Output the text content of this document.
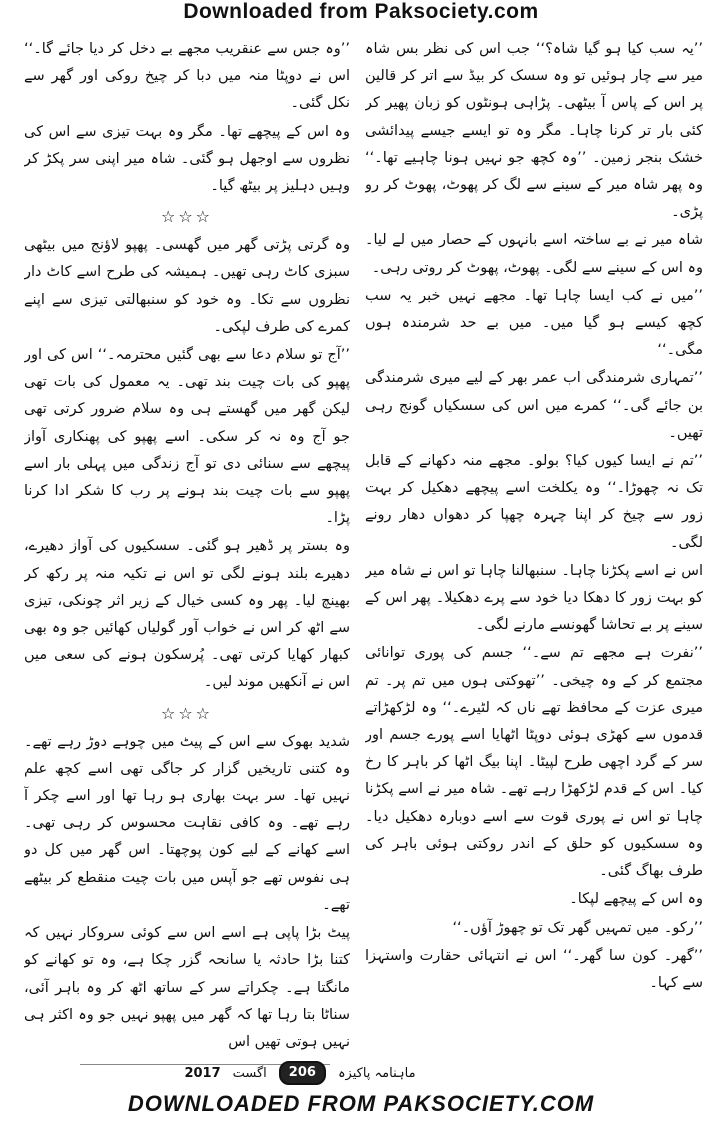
Downloaded from Paksociety.com

’’یہ سب کیا ہو گیا شاہ؟‘‘ جب اس کی نظر بس شاہ میر سے چار ہوئیں تو وہ سسک کر بیڈ سے اتر کر قالین پر اس کے پاس آ بیٹھی۔ پڑاہی ہونٹوں کو زبان پھیر کر کئی بار تر کرنا چاہا۔ مگر وہ تو ایسے جیسے پیدائشی خشک بنجر زمین۔ ’’وہ کچھ جو نہیں ہونا چاہیے تھا۔‘‘ وہ پھر شاہ میر کے سینے سے لگ کر پھوٹ، پھوٹ کر رو پڑی۔

شاہ میر نے بے ساختہ اسے بانہوں کے حصار میں لے لیا۔ وہ اس کے سینے سے لگی۔ پھوٹ، پھوٹ کر روتی رہی۔

’’میں نے کب ایسا چاہا تھا۔ مجھے نہیں خبر یہ سب کچھ کیسے ہو گیا میں۔ میں بے حد شرمندہ ہوں مگی۔‘‘

’’تمہاری شرمندگی اب عمر بھر کے لیے میری شرمندگی بن جائے گی۔‘‘ کمرے میں اس کی سسکیاں گونج رہی تھیں۔

’’تم نے ایسا کیوں کیا؟ بولو۔ مجھے منہ دکھانے کے قابل تک نہ چھوڑا۔‘‘ وہ یکلخت اسے پیچھے دھکیل کر بہت زور سے چیخ کر اپنا چہرہ چھپا کر دھواں دھار رونے لگی۔

اس نے اسے پکڑنا چاہا۔ سنبھالنا چاہا تو اس نے شاہ میر کو بہت زور کا دھکا دیا خود سے پرے دھکیلا۔ پھر اس کے سینے پر بے تحاشا گھونسے مارنے لگی۔

’’نفرت ہے مجھے تم سے۔‘‘ جسم کی پوری توانائی مجتمع کر کے وہ چیخی۔ ’’تھوکتی ہوں میں تم پر۔ تم میری عزت کے محافظ تھے ناں کہ لٹیرے۔‘‘ وہ لڑکھڑاتے قدموں سے کھڑی ہوئی دوپٹا اٹھایا اسے پورے جسم اور سر کے گرد اچھی طرح لپیٹا۔ اپنا بیگ اٹھا کر باہر کا رخ کیا۔ اس کے قدم لڑکھڑا رہے تھے۔ شاہ میر نے اسے پکڑنا چاہا تو اس نے پوری قوت سے اسے دوبارہ دھکیل دیا۔ وہ سسکیوں کو حلق کے اندر روکتی ہوئی باہر کی طرف بھاگ گئی۔

وہ اس کے پیچھے لپکا۔

’’رکو۔ میں تمہیں گھر تک تو چھوڑ آؤں۔‘‘

’’گھر۔ کون سا گھر۔‘‘ اس نے انتہائی حقارت واستہزا سے کہا۔

’’وہ جس سے عنقریب مجھے بے دخل کر دیا جائے گا۔‘‘ اس نے دوپٹا منہ میں دبا کر چیخ روکی اور گھر سے نکل گئی۔

وہ اس کے پیچھے تھا۔ مگر وہ بہت تیزی سے اس کی نظروں سے اوجھل ہو گئی۔ شاہ میر اپنی سر پکڑ کر وہیں دہلیز پر بیٹھ گیا۔

☆☆☆

وہ گرتی پڑتی گھر میں گھسی۔ پھپو لاؤنج میں بیٹھی سبزی کاٹ رہی تھیں۔ ہمیشہ کی طرح اسے کاٹ دار نظروں سے تکا۔ وہ خود کو سنبھالتی تیزی سے اپنے کمرے کی طرف لپکی۔

’’آج تو سلام دعا سے بھی گئیں محترمہ۔‘‘ اس کی اور پھپو کی بات چیت بند تھی۔ یہ معمول کی بات تھی لیکن گھر میں گھستے ہی وہ سلام ضرور کرتی تھی جو آج وہ نہ کر سکی۔ اسے پھپو کی پھنکاری آواز پیچھے سے سنائی دی تو آج زندگی میں پہلی بار اسے پھپو سے بات چیت بند ہونے پر رب کا شکر ادا کرنا پڑا۔

وہ بستر پر ڈھیر ہو گئی۔ سسکیوں کی آواز دھیرے، دھیرے بلند ہونے لگی تو اس نے تکیہ منہ پر رکھ کر بھینچ لیا۔ پھر وہ کسی خیال کے زیر اثر چونکی، تیزی سے اٹھ کر اس نے خواب آور گولیاں کھائیں جو وہ بھی کبھار کھایا کرتی تھی۔ پُرسکون ہونے کی سعی میں اس نے آنکھیں موند لیں۔

☆☆☆

شدید بھوک سے اس کے پیٹ میں چوہے دوڑ رہے تھے۔ وہ کتنی تاریخیں گزار کر جاگی تھی اسے کچھ علم نہیں تھا۔ سر بہت بھاری ہو رہا تھا اور اسے چکر آ رہے تھے۔ وہ کافی نقاہت محسوس کر رہی تھی۔ اسے کھانے کے لیے کون پوچھتا۔ اس گھر میں کل دو ہی نفوس تھے جو آپس میں بات چیت منقطع کر بیٹھے تھے۔

پیٹ بڑا پاپی ہے اسے اس سے کوئی سروکار نہیں کہ کتنا بڑا حادثہ یا سانحہ گزر چکا ہے، وہ تو کھانے کو مانگتا ہے۔ چکراتے سر کے ساتھ اٹھ کر وہ باہر آئی، سناٹا بتا رہا تھا کہ گھر میں پھپو نہیں جو وہ اکثر ہی نہیں ہوتی تھیں اس

2017 اگست	206	ماہنامہ پاکیزہ
DOWNLOADED FROM PAKSOCIETY.COM
